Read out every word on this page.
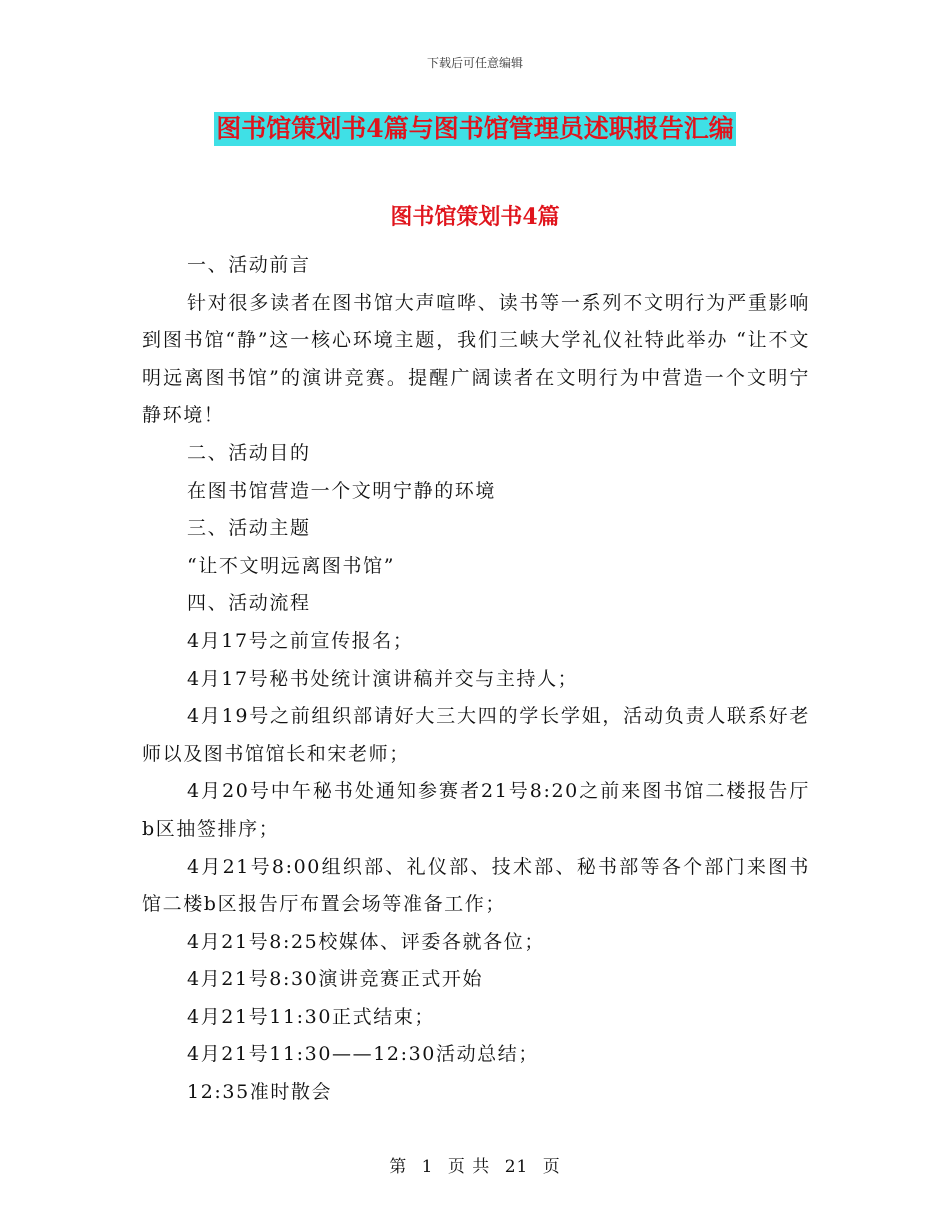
下载后可任意编辑
图书馆策划书4篇与图书馆管理员述职报告汇编
图书馆策划书4篇

一、活动前言

针对很多读者在图书馆大声喧哗、读书等一系列不文明行为严重影响到图书馆“静”这一核心环境主题，我们三峡大学礼仪社特此举办 “让不文明远离图书馆”的演讲竞赛。提醒广阔读者在文明行为中营造一个文明宁静环境！

二、活动目的

在图书馆营造一个文明宁静的环境

三、活动主题

“让不文明远离图书馆”

四、活动流程

4月17号之前宣传报名；

4月17号秘书处统计演讲稿并交与主持人；

4月19号之前组织部请好大三大四的学长学姐，活动负责人联系好老师以及图书馆馆长和宋老师；

4月20号中午秘书处通知参赛者21号8:20之前来图书馆二楼报告厅b区抽签排序；

4月21号8:00组织部、礼仪部、技术部、秘书部等各个部门来图书馆二楼b区报告厅布置会场等准备工作；

4月21号8:25校媒体、评委各就各位；

4月21号8:30演讲竞赛正式开始

4月21号11:30正式结束；

4月21号11:30——12:30活动总结；

12:35准时散会

第 1 页 共 21 页
